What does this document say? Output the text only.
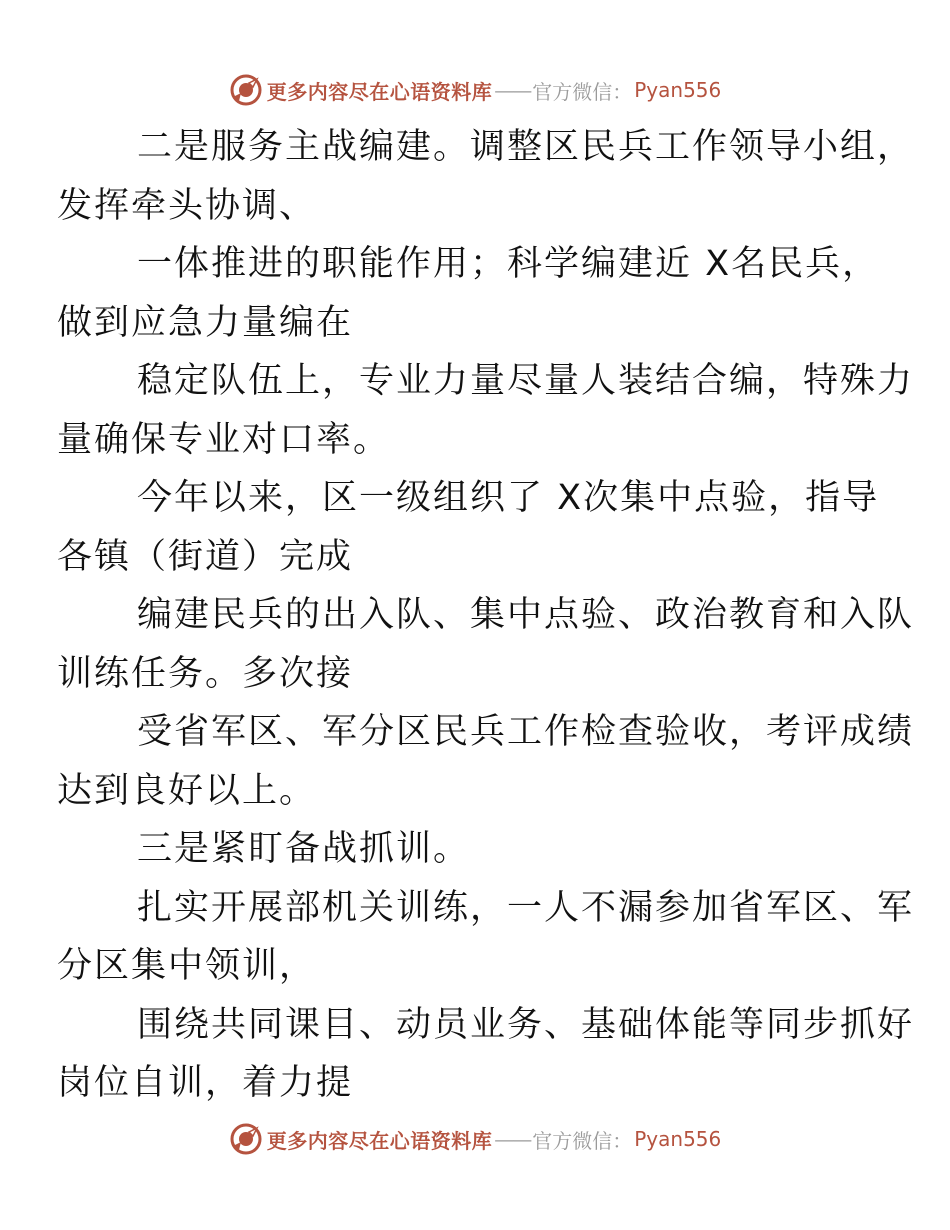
更多内容尽在心语资料库 —— 官方微信： Pyan556

二是服务主战编建。调整区民兵工作领导小组，
发挥牵头协调、

一体推进的职能作用；科学编建近 X名民兵，
做到应急力量编在

稳定队伍上，专业力量尽量人装结合编，特殊力
量确保专业对口率。

今年以来，区一级组织了 X次集中点验，指导
各镇（街道）完成

编建民兵的出入队、集中点验、政治教育和入队
训练任务。多次接

受省军区、军分区民兵工作检查验收，考评成绩
达到良好以上。

三是紧盯备战抓训。

扎实开展部机关训练，一人不漏参加省军区、军
分区集中领训，

围绕共同课目、动员业务、基础体能等同步抓好
岗位自训，着力提

更多内容尽在心语资料库 —— 官方微信： Pyan556
